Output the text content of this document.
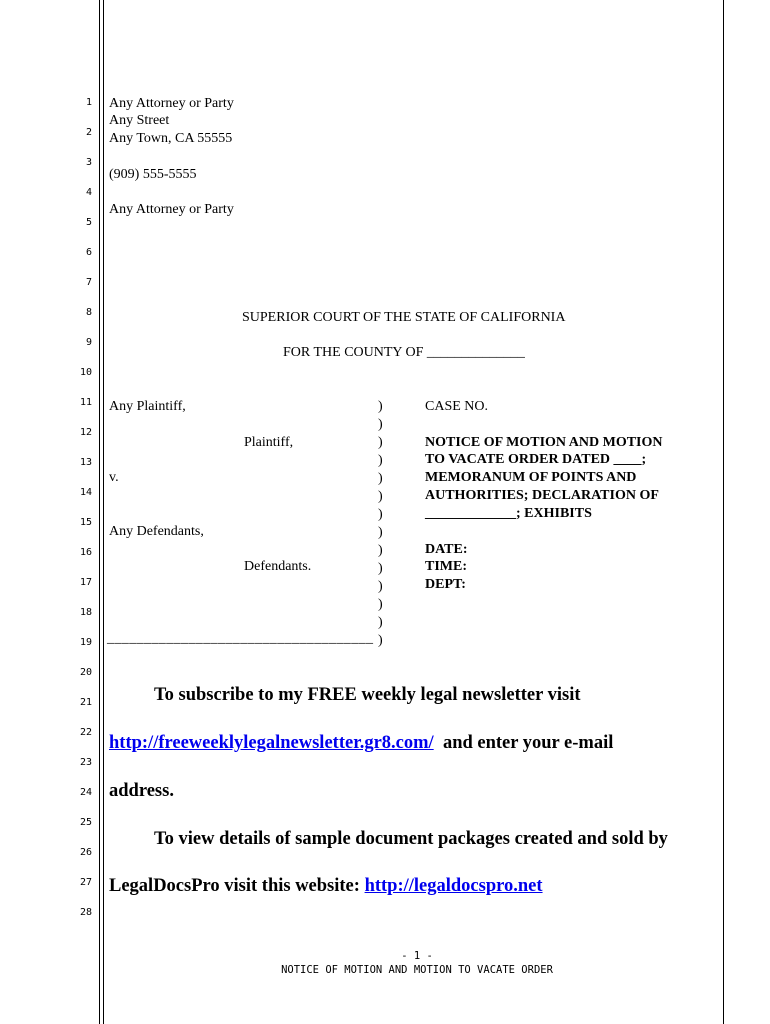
1
2
3
4
5
6
7
8
9
10
11
12
13
14
15
16
17
18
19
20
21
22
23
24
25
26
27
28
Any Attorney or Party
Any Street
Any Town, CA 55555
(909) 555-5555
Any Attorney or Party
SUPERIOR COURT OF THE STATE OF CALIFORNIA
FOR THE COUNTY OF ______________
Any Plaintiff,
Plaintiff,
v.
Any Defendants,
Defendants.
____________________________________
)
)
)
)
)
)
)
)
)
)
)
)
)
)
CASE NO.
NOTICE OF MOTION AND MOTION
TO VACATE ORDER DATED ____;
MEMORANUM OF POINTS AND
AUTHORITIES; DECLARATION OF
_____________; EXHIBITS
DATE:
TIME:
DEPT:
To subscribe to my FREE weekly legal newsletter visit
http://freeweeklylegalnewsletter.gr8.com/ and enter your e-mail
address.
To view details of sample document packages created and sold by
LegalDocsPro visit this website: http://legaldocspro.net
- 1 -
NOTICE OF MOTION AND MOTION TO VACATE ORDER
